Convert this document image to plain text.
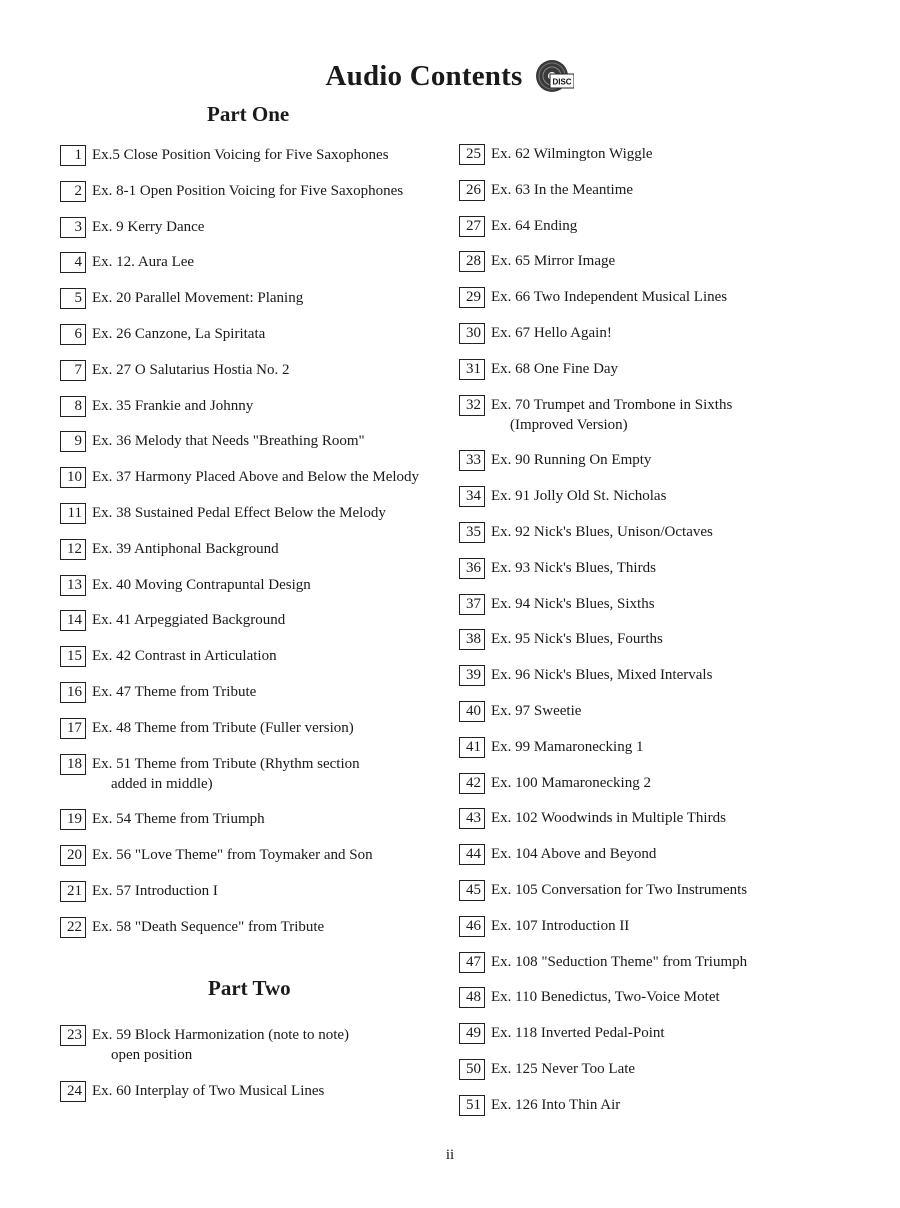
Audio Contents	DISC
Part One
1 Ex.5 Close Position Voicing for Five Saxophones
2 Ex. 8-1 Open Position Voicing for Five Saxophones
3 Ex. 9 Kerry Dance
4 Ex. 12. Aura Lee
5 Ex. 20 Parallel Movement: Planing
6 Ex. 26 Canzone, La Spiritata
7 Ex. 27 O Salutarius Hostia No. 2
8 Ex. 35 Frankie and Johnny
9 Ex. 36 Melody that Needs "Breathing Room"
10 Ex. 37 Harmony Placed Above and Below the Melody
11 Ex. 38 Sustained Pedal Effect Below the Melody
12 Ex. 39 Antiphonal Background
13 Ex. 40 Moving Contrapuntal Design
14 Ex. 41 Arpeggiated Background
15 Ex. 42 Contrast in Articulation
16 Ex. 47 Theme from Tribute
17 Ex. 48 Theme from Tribute (Fuller version)
18 Ex. 51 Theme from Tribute (Rhythm section
added in middle)
19 Ex. 54 Theme from Triumph
20 Ex. 56 "Love Theme" from Toymaker and Son
21 Ex. 57 Introduction I
22 Ex. 58 "Death Sequence" from Tribute
Part Two
23 Ex. 59 Block Harmonization (note to note)
open position
24 Ex. 60 Interplay of Two Musical Lines
25 Ex. 62 Wilmington Wiggle
26 Ex. 63 In the Meantime
27 Ex. 64 Ending
28 Ex. 65 Mirror Image
29 Ex. 66 Two Independent Musical Lines
30 Ex. 67 Hello Again!
31 Ex. 68 One Fine Day
32 Ex. 70 Trumpet and Trombone in Sixths
(Improved Version)
33 Ex. 90 Running On Empty
34 Ex. 91 Jolly Old St. Nicholas
35 Ex. 92 Nick's Blues, Unison/Octaves
36 Ex. 93 Nick's Blues, Thirds
37 Ex. 94 Nick's Blues, Sixths
38 Ex. 95 Nick's Blues, Fourths
39 Ex. 96 Nick's Blues, Mixed Intervals
40 Ex. 97 Sweetie
41 Ex. 99 Mamaronecking 1
42 Ex. 100 Mamaronecking 2
43 Ex. 102 Woodwinds in Multiple Thirds
44 Ex. 104 Above and Beyond
45 Ex. 105 Conversation for Two Instruments
46 Ex. 107 Introduction II
47 Ex. 108 "Seduction Theme" from Triumph
48 Ex. 110 Benedictus, Two-Voice Motet
49 Ex. 118 Inverted Pedal-Point
50 Ex. 125 Never Too Late
51 Ex. 126 Into Thin Air
ii
